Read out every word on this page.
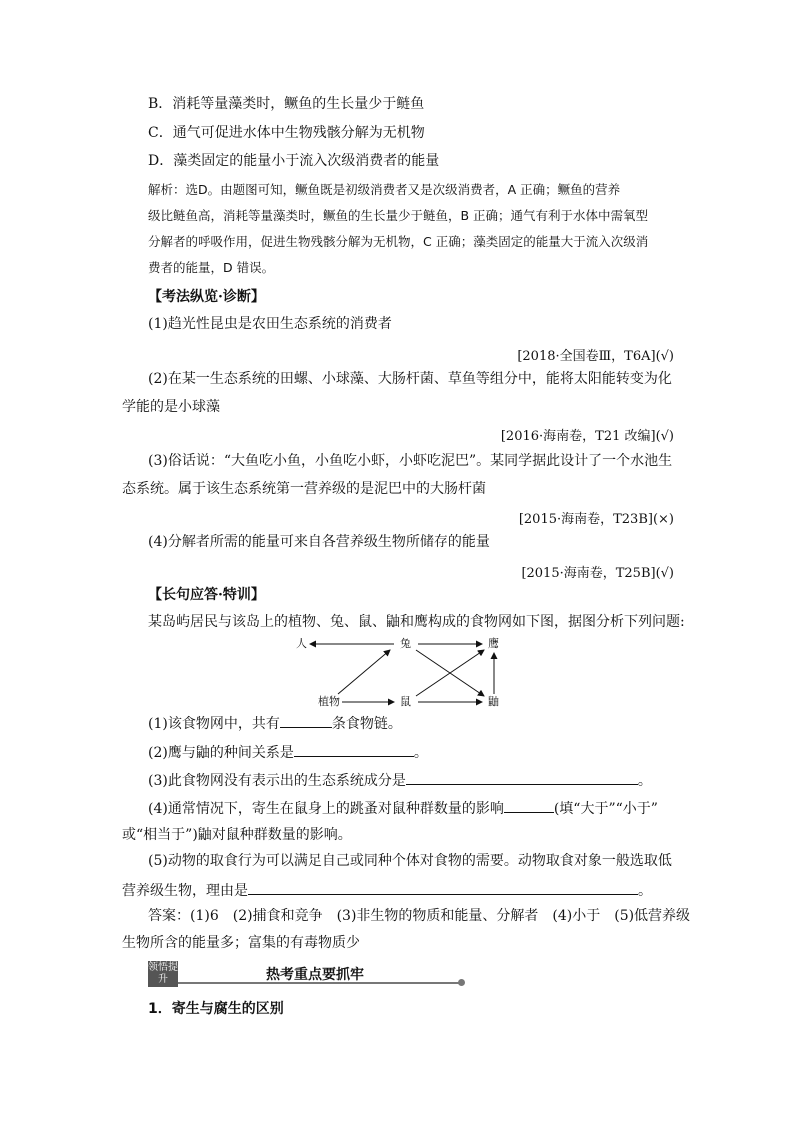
B．消耗等量藻类时，鳜鱼的生长量少于鲢鱼
C．通气可促进水体中生物残骸分解为无机物
D．藻类固定的能量小于流入次级消费者的能量
解析：选D。由题图可知，鳜鱼既是初级消费者又是次级消费者，A 正确；鳜鱼的营养
级比鲢鱼高，消耗等量藻类时，鳜鱼的生长量少于鲢鱼，B 正确；通气有利于水体中需氧型
分解者的呼吸作用，促进生物残骸分解为无机物，C 正确；藻类固定的能量大于流入次级消
费者的能量，D 错误。
【考法纵览·诊断】
(1)趋光性昆虫是农田生态系统的消费者
[2018·全国卷Ⅲ，T6A](√)
(2)在某一生态系统的田螺、小球藻、大肠杆菌、草鱼等组分中，能将太阳能转变为化
学能的是小球藻
[2016·海南卷，T21 改编](√)
(3)俗话说：“大鱼吃小鱼，小鱼吃小虾，小虾吃泥巴”。某同学据此设计了一个水池生
态系统。属于该生态系统第一营养级的是泥巴中的大肠杆菌
[2015·海南卷，T23B](×)
(4)分解者所需的能量可来自各营养级生物所储存的能量
[2015·海南卷，T25B](√)
【长句应答·特训】
某岛屿居民与该岛上的植物、兔、鼠、鼬和鹰构成的食物网如下图，据图分析下列问题:
人	兔	鹰
植物	鼠	鼬
(1)该食物网中，共有	条食物链。
(2)鹰与鼬的种间关系是	。
(3)此食物网没有表示出的生态系统成分是	。
(4)通常情况下，寄生在鼠身上的跳蚤对鼠种群数量的影响	(填“大于”“小于”
或“相当于”)鼬对鼠种群数量的影响。
(5)动物的取食行为可以满足自己或同种个体对食物的需要。动物取食对象一般选取低
营养级生物，理由是	。
答案：(1)6　(2)捕食和竞争　(3)非生物的物质和能量、分解者　(4)小于　(5)低营养级
生物所含的能量多；富集的有毒物质少
领悟提升	热考重点要抓牢
1．寄生与腐生的区别
